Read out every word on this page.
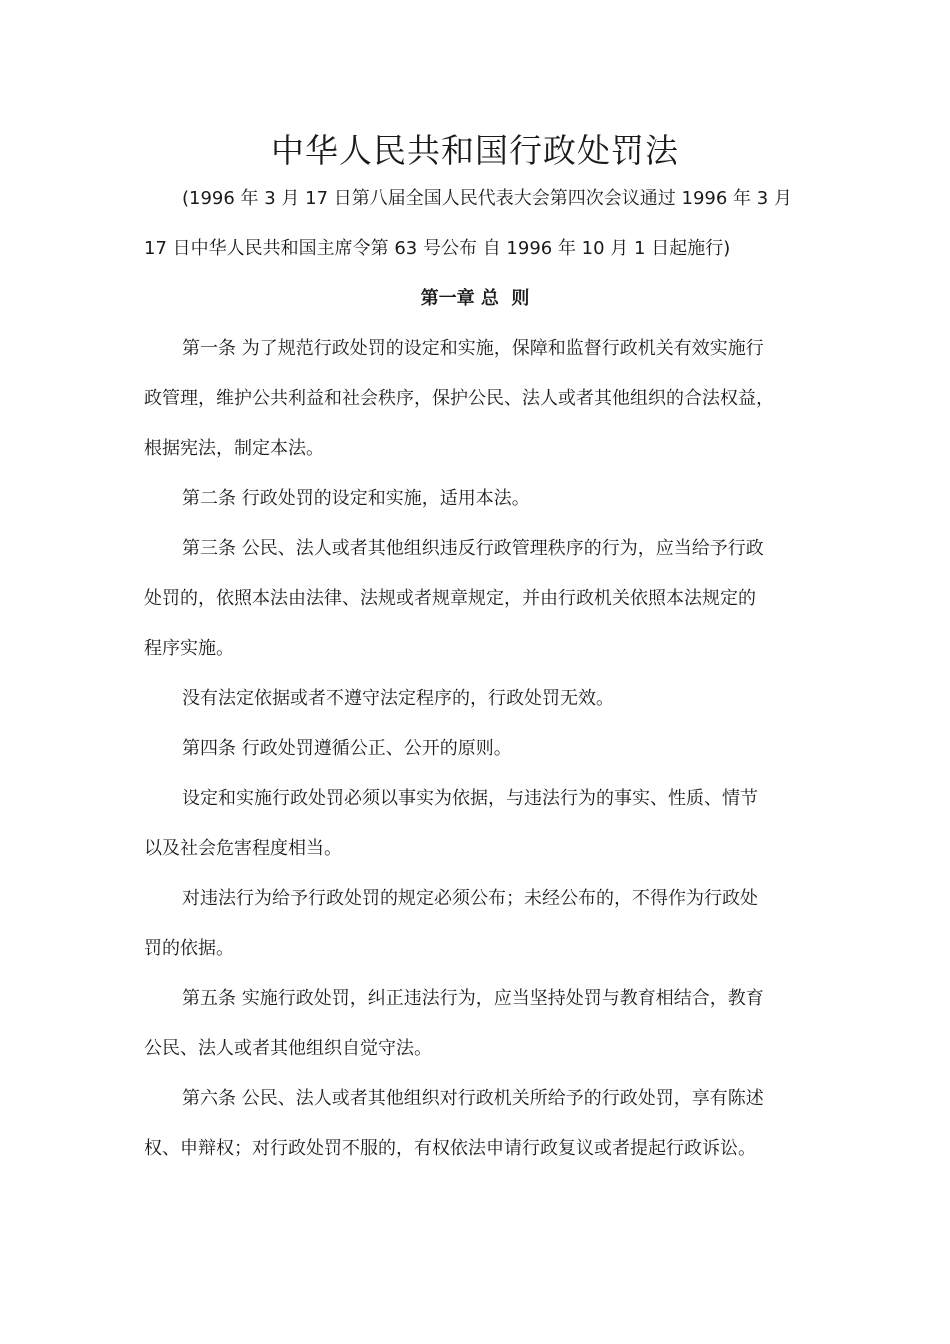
中华人民共和国行政处罚法
(1996 年 3 月 17 日第八届全国人民代表大会第四次会议通过 1996 年 3 月
17 日中华人民共和国主席令第 63 号公布 自 1996 年 10 月 1 日起施行)
第一章 总  则
第一条 为了规范行政处罚的设定和实施，保障和监督行政机关有效实施行
政管理，维护公共利益和社会秩序，保护公民、法人或者其他组织的合法权益，
根据宪法，制定本法。
第二条 行政处罚的设定和实施，适用本法。
第三条 公民、法人或者其他组织违反行政管理秩序的行为，应当给予行政
处罚的，依照本法由法律、法规或者规章规定，并由行政机关依照本法规定的
程序实施。
没有法定依据或者不遵守法定程序的，行政处罚无效。
第四条 行政处罚遵循公正、公开的原则。
设定和实施行政处罚必须以事实为依据，与违法行为的事实、性质、情节
以及社会危害程度相当。
对违法行为给予行政处罚的规定必须公布；未经公布的，不得作为行政处
罚的依据。
第五条 实施行政处罚，纠正违法行为，应当坚持处罚与教育相结合，教育
公民、法人或者其他组织自觉守法。
第六条 公民、法人或者其他组织对行政机关所给予的行政处罚，享有陈述
权、申辩权；对行政处罚不服的，有权依法申请行政复议或者提起行政诉讼。
